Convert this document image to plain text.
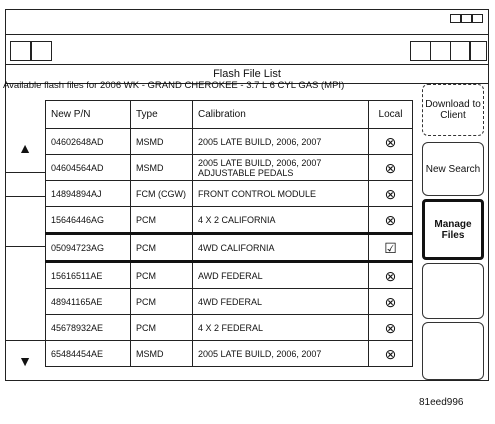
Flash File List
Available flash files for 2006 WK - GRAND CHEROKEE - 3.7 L 6 CYL GAS (MPI)
New P/N	Type	Calibration	Local
04602648AD	MSMD	2005 LATE BUILD, 2006, 2007	⊗
04604564AD	MSMD	2005 LATE BUILD, 2006, 2007 ADJUSTABLE PEDALS	⊗
14894894AJ	FCM (CGW)	FRONT CONTROL MODULE	⊗
15646446AG	PCM	4 X 2 CALIFORNIA	⊗
05094723AG	PCM	4WD CALIFORNIA	☑
15616511AE	PCM	AWD FEDERAL	⊗
48941165AE	PCM	4WD FEDERAL	⊗
45678932AE	PCM	4 X 2 FEDERAL	⊗
65484454AE	MSMD	2005 LATE BUILD, 2006, 2007	⊗
▲
▼
Download to Client
New Search
Manage Files
81eed996
